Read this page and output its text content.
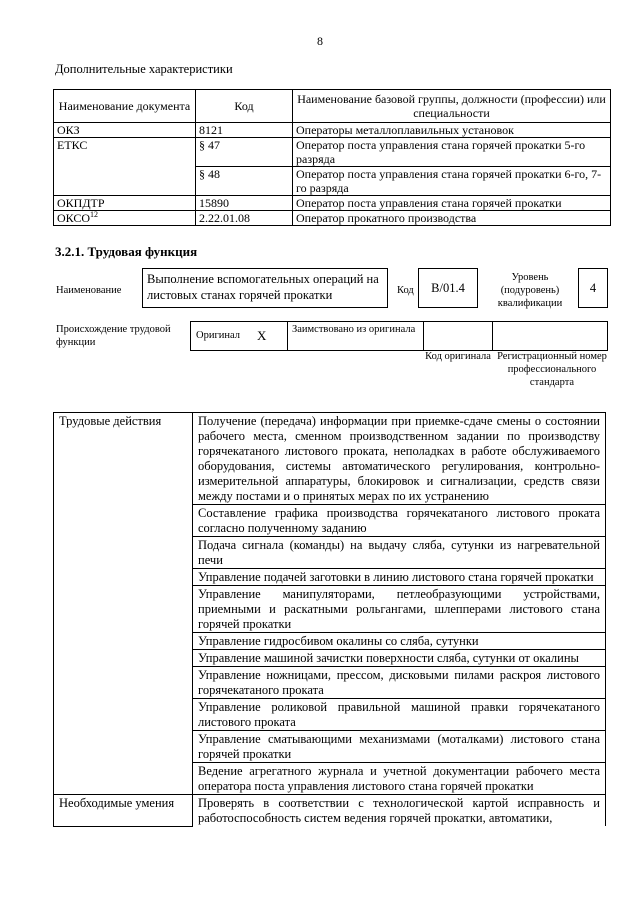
8
Дополнительные характеристики
Наименование документа	Код	Наименование базовой группы, должности (профессии) или специальности
ОКЗ	8121	Операторы металлоплавильных установок
ЕТКС	§ 47	Оператор поста управления стана горячей прокатки 5-го разряда
	§ 48	Оператор поста управления стана горячей прокатки 6-го, 7-го разряда
ОКПДТР	15890	Оператор поста управления стана горячей прокатки
ОКСО$^{12}$	2.22.01.08	Оператор прокатного производства
3.2.1. Трудовая функция
Наименование
Выполнение вспомогательных операций на листовых станах горячей прокатки	Код	В/01.4
Уровень (подуровень) квалификации
4
Происхождение трудовой функции
Оригинал X	Заимствовано из оригинала
Код оригинала Регистрационный номер профессионального стандарта
Трудовые действия	Получение (передача) информации при приемке-сдаче смены о состоянии рабочего места, сменном производственном задании по производству горячекатаного листового проката, неполадках в работе обслуживаемого оборудования, системы автоматического регулирования, контрольно-измерительной аппаратуры, блокировок и сигнализации, средств связи между постами и о принятых мерах по их устранению
	Составление графика производства горячекатаного листового проката согласно полученному заданию
	Подача сигнала (команды) на выдачу сляба, сутунки из нагревательной печи
	Управление подачей заготовки в линию листового стана горячей прокатки
	Управление манипуляторами, петлеобразующими устройствами, приемными и раскатными рольгангами, шлепперами листового стана горячей прокатки
	Управление гидросбивом окалины со сляба, сутунки
	Управление машиной зачистки поверхности сляба, сутунки от окалины
	Управление ножницами, прессом, дисковыми пилами раскроя листового горячекатаного проката
	Управление роликовой правильной машиной правки горячекатаного листового проката
	Управление сматывающими механизмами (моталками) листового стана горячей прокатки
	Ведение агрегатного журнала и учетной документации рабочего места оператора поста управления листового стана горячей прокатки
Необходимые умения	Проверять в соответствии с технологической картой исправность и работоспособность систем ведения горячей прокатки, автоматики,
